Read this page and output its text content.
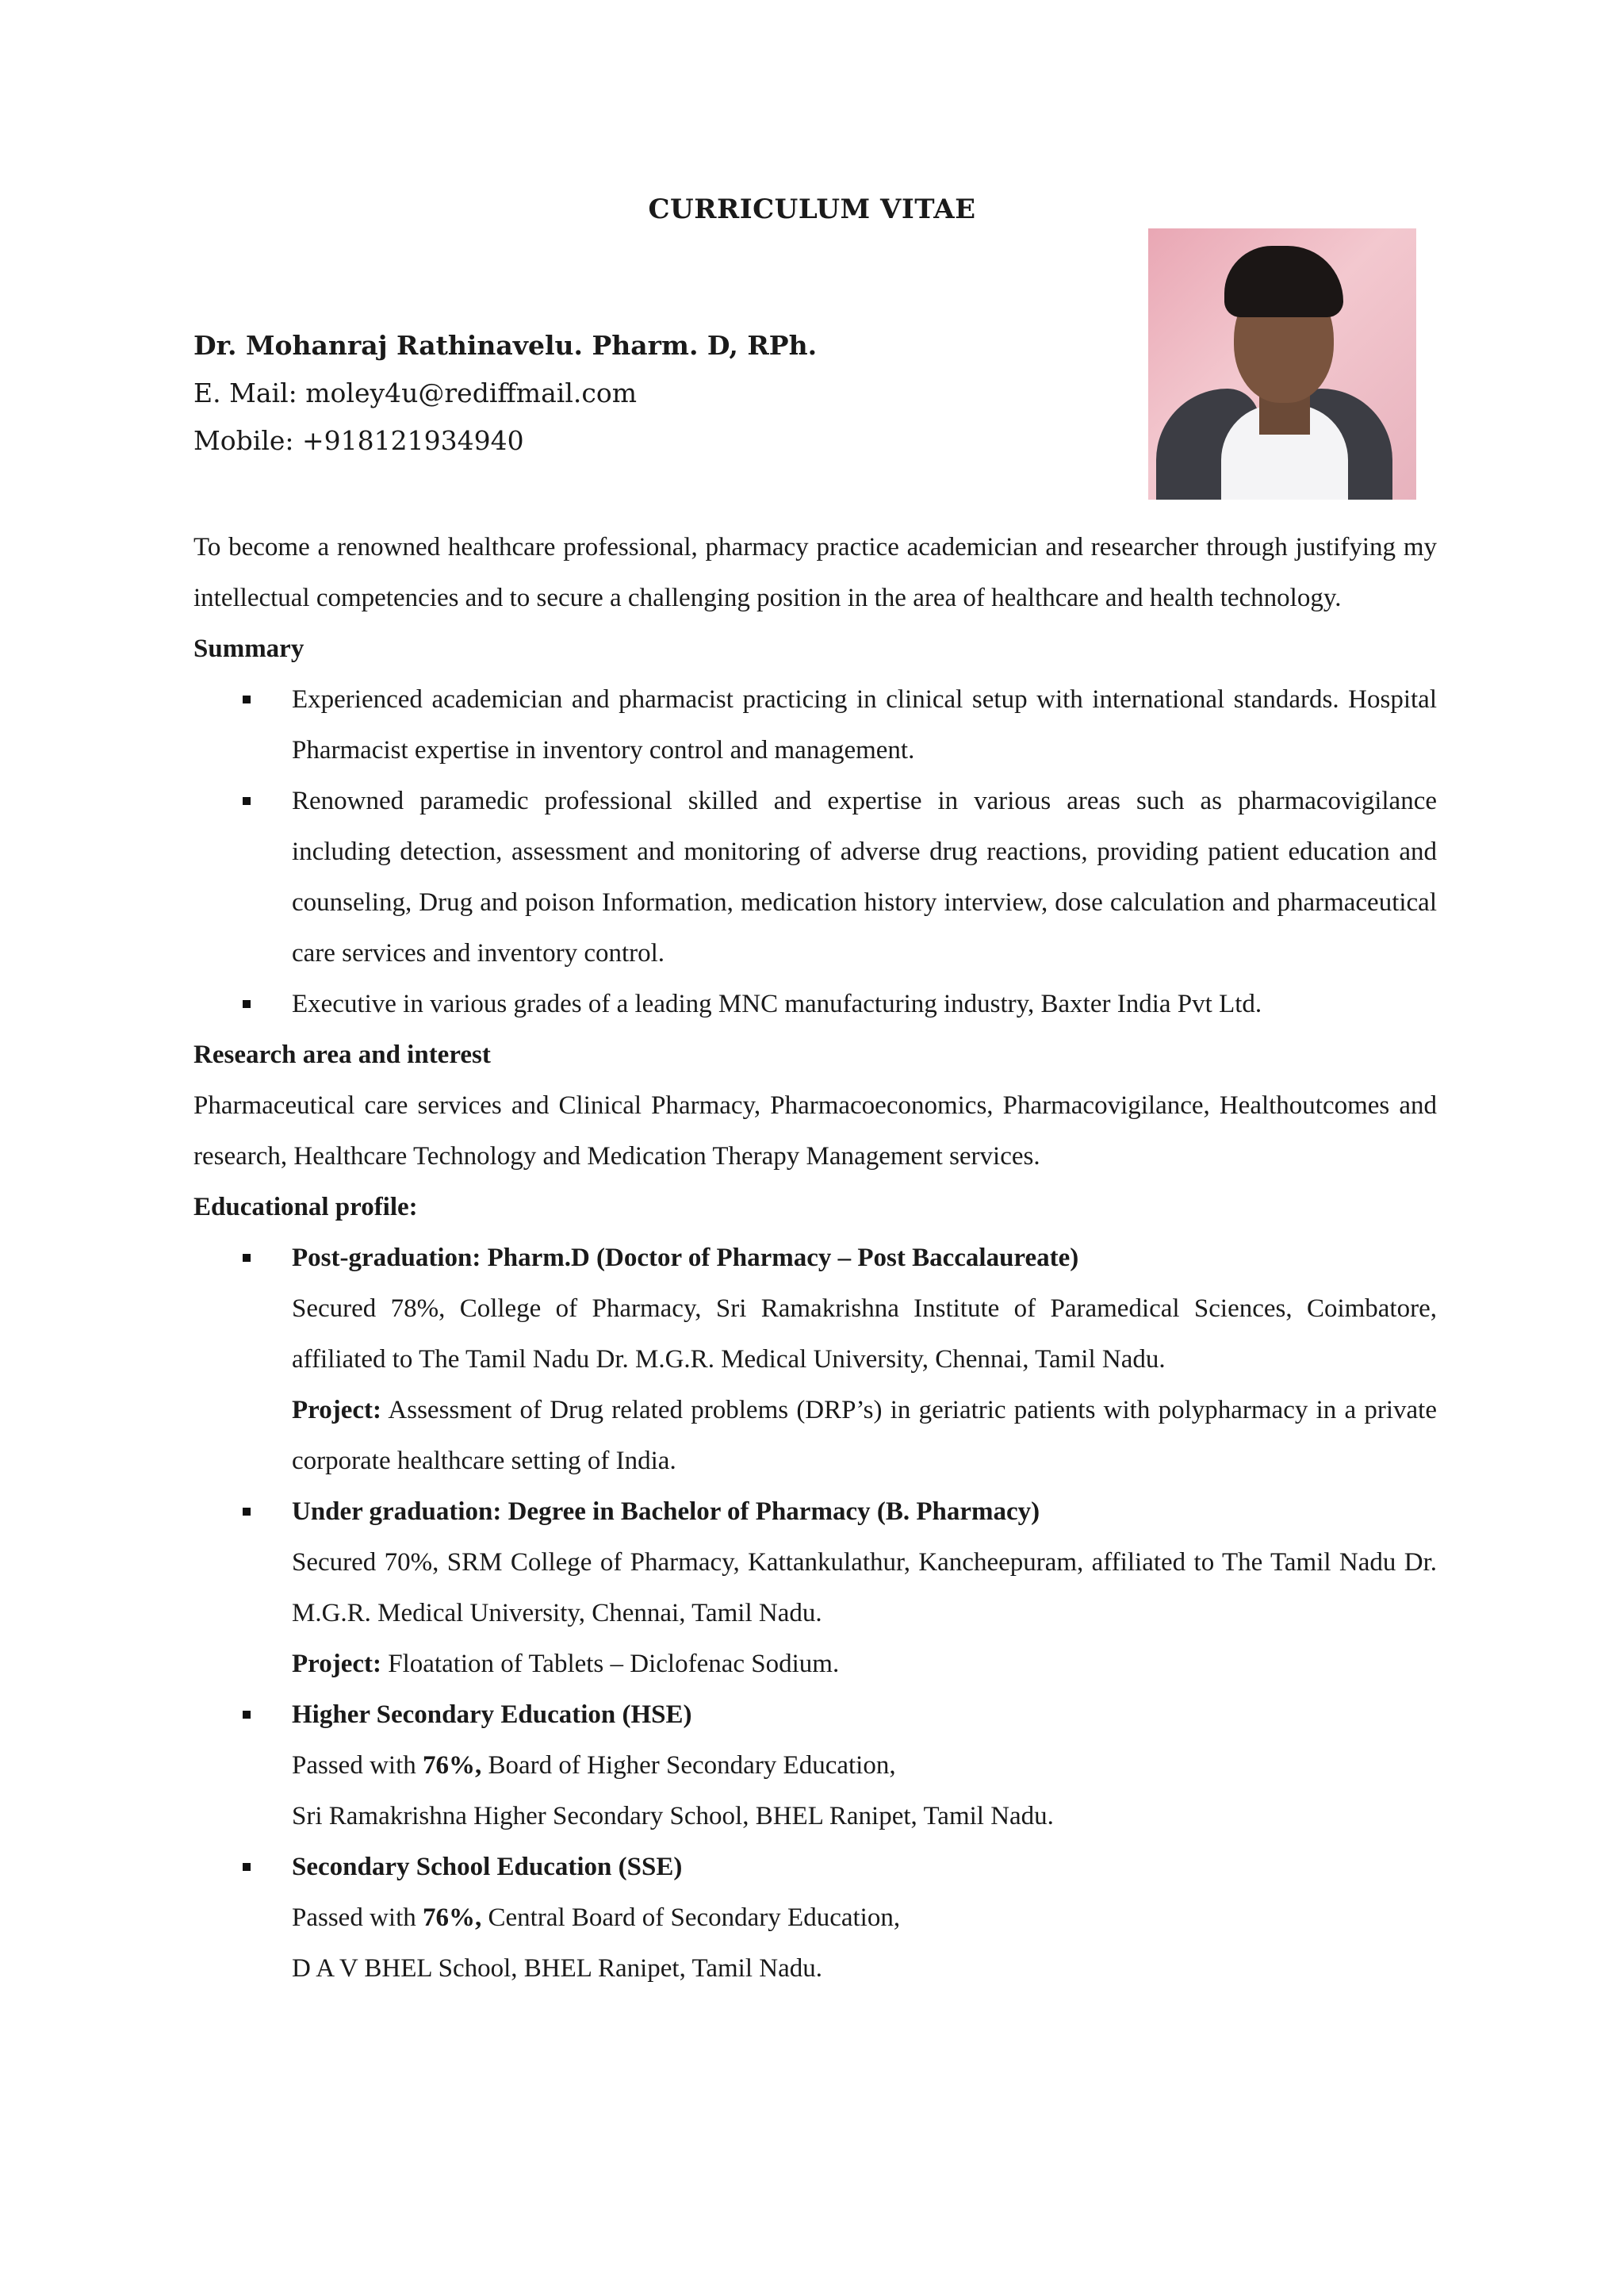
CURRICULUM VITAE
Dr. Mohanraj Rathinavelu. Pharm. D, RPh.
E. Mail: moley4u@rediffmail.com
Mobile: +918121934940

To become a renowned healthcare professional, pharmacy practice academician and researcher through justifying my intellectual competencies and to secure a challenging position in the area of healthcare and health technology.

Summary

Experienced academician and pharmacist practicing in clinical setup with international standards. Hospital Pharmacist expertise in inventory control and management.
Renowned paramedic professional skilled and expertise in various areas such as pharmacovigilance including detection, assessment and monitoring of adverse drug reactions, providing patient education and counseling, Drug and poison Information, medication history interview, dose calculation and pharmaceutical care services and inventory control.
Executive in various grades of a leading MNC manufacturing industry, Baxter India Pvt Ltd.

Research area and interest

Pharmaceutical care services and Clinical Pharmacy, Pharmacoeconomics, Pharmacovigilance, Healthoutcomes and research, Healthcare Technology and Medication Therapy Management services.

Educational profile:

Post-graduation: Pharm.D (Doctor of Pharmacy – Post Baccalaureate)

Secured 78%, College of Pharmacy, Sri Ramakrishna Institute of Paramedical Sciences, Coimbatore, affiliated to The Tamil Nadu Dr. M.G.R. Medical University, Chennai, Tamil Nadu.

Project: Assessment of Drug related problems (DRP’s) in geriatric patients with polypharmacy in a private corporate healthcare setting of India.

Under graduation: Degree in Bachelor of Pharmacy (B. Pharmacy)

Secured 70%, SRM College of Pharmacy, Kattankulathur, Kancheepuram, affiliated to The Tamil Nadu Dr. M.G.R. Medical University, Chennai, Tamil Nadu.

Project: Floatation of Tablets – Diclofenac Sodium.

Higher Secondary Education (HSE)

Passed with 76%, Board of Higher Secondary Education,

Sri Ramakrishna Higher Secondary School, BHEL Ranipet, Tamil Nadu.

Secondary School Education (SSE)

Passed with 76%, Central Board of Secondary Education,

D A V BHEL School, BHEL Ranipet, Tamil Nadu.
